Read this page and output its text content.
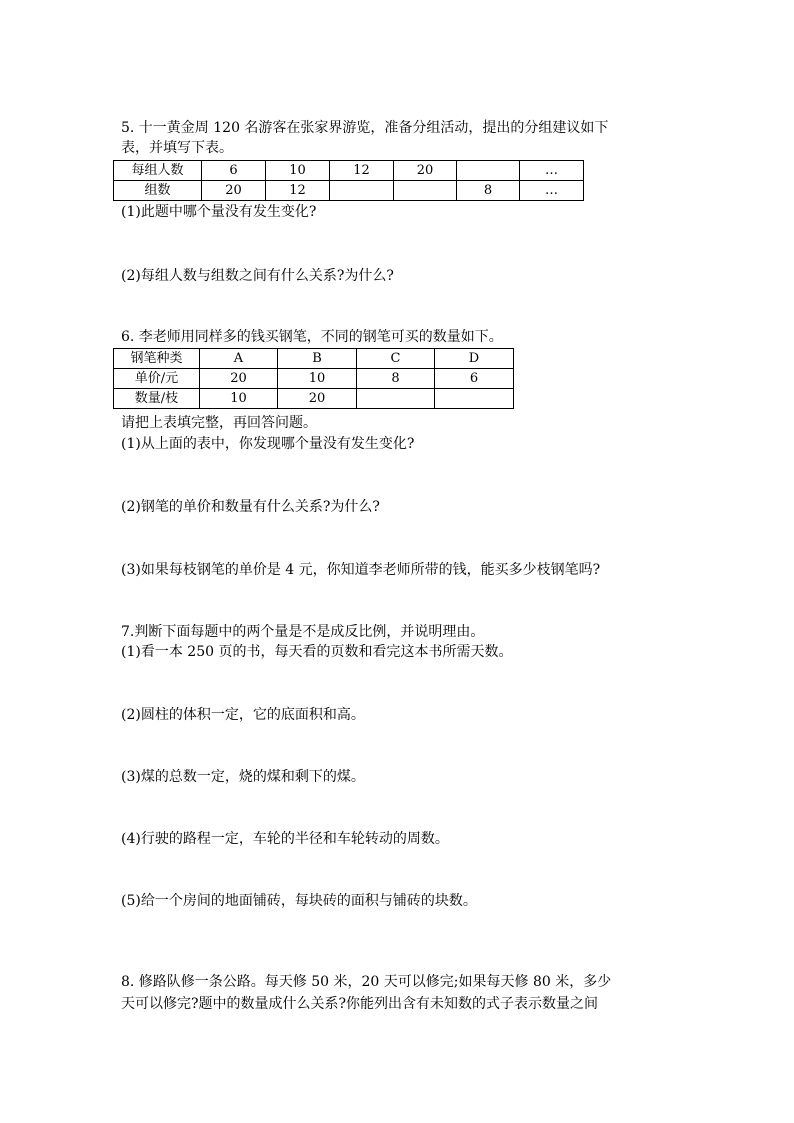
5. 十一黄金周 120 名游客在张家界游览，准备分组活动，提出的分组建议如下
表，并填写下表。
每组人数	6	10	12	20		…
组数	20	12			8	…
(1)此题中哪个量没有发生变化?
(2)每组人数与组数之间有什么关系?为什么?
6. 李老师用同样多的钱买钢笔，不同的钢笔可买的数量如下。
钢笔种类	A	B	C	D
单价/元	20	10	8	6
数量/枝	10	20		
请把上表填完整，再回答问题。
(1)从上面的表中，你发现哪个量没有发生变化?
(2)钢笔的单价和数量有什么关系?为什么?
(3)如果每枝钢笔的单价是 4 元，你知道李老师所带的钱，能买多少枝钢笔吗?
7.判断下面每题中的两个量是不是成反比例，并说明理由。
(1)看一本 250 页的书，每天看的页数和看完这本书所需天数。
(2)圆柱的体积一定，它的底面积和高。
(3)煤的总数一定，烧的煤和剩下的煤。
(4)行驶的路程一定，车轮的半径和车轮转动的周数。
(5)给一个房间的地面铺砖，每块砖的面积与铺砖的块数。
8. 修路队修一条公路。每天修 50 米，20 天可以修完;如果每天修 80 米，多少
天可以修完?题中的数量成什么关系?你能列出含有未知数的式子表示数量之间
